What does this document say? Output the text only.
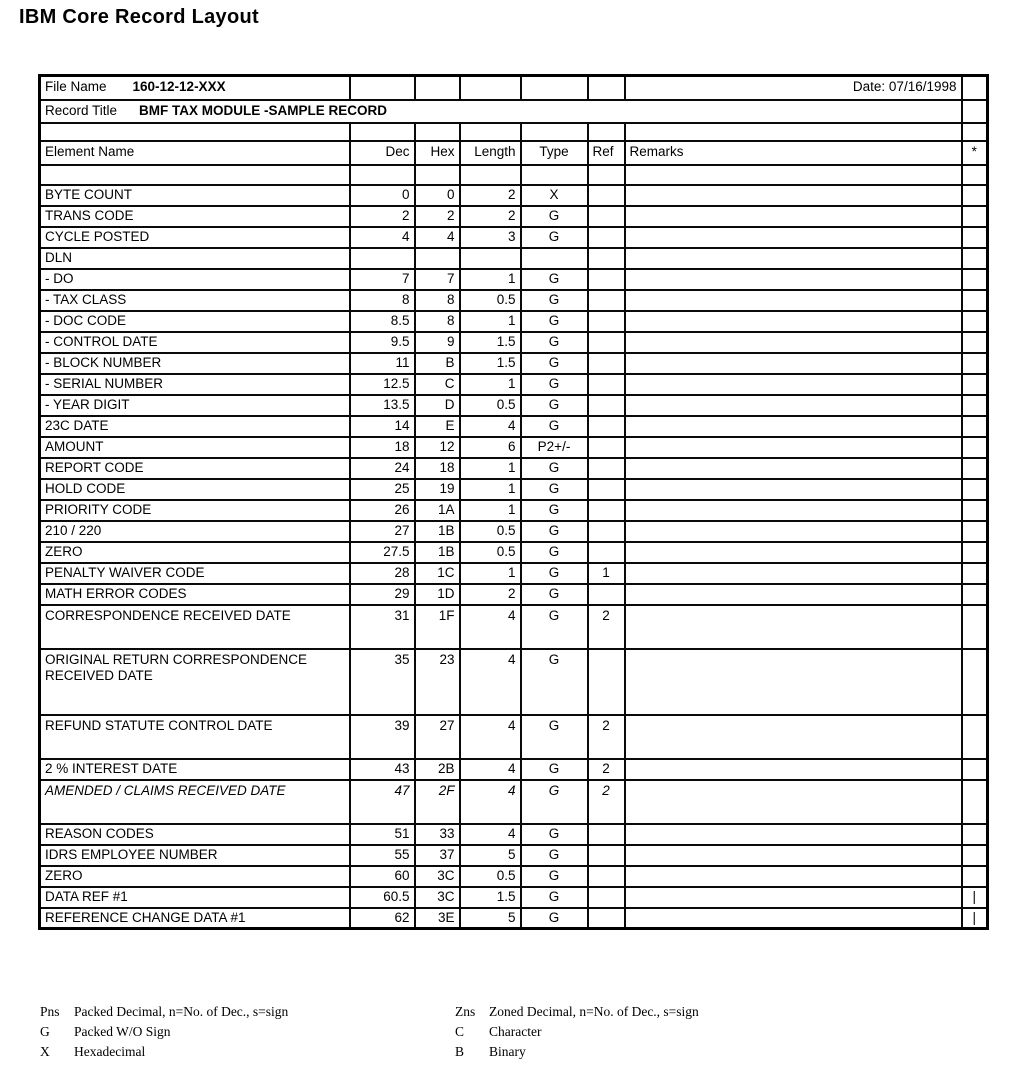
IBM Core Record Layout
File Name 160-12-12-XXX						Date: 07/16/1998	
Record Title BMF TAX MODULE -SAMPLE RECORD							

Element Name	Dec	Hex	Length	Type	Ref	Remarks	*

BYTE COUNT	0	0	2	X			
TRANS CODE	2	2	2	G			
CYCLE POSTED	4	4	3	G			
DLN							
- DO	7	7	1	G			
- TAX CLASS	8	8	0.5	G			
- DOC CODE	8.5	8	1	G			
- CONTROL DATE	9.5	9	1.5	G			
- BLOCK NUMBER	11	B	1.5	G			
- SERIAL NUMBER	12.5	C	1	G			
- YEAR DIGIT	13.5	D	0.5	G			
23C DATE	14	E	4	G			
AMOUNT	18	12	6	P2+/-			
REPORT CODE	24	18	1	G			
HOLD CODE	25	19	1	G			
PRIORITY CODE	26	1A	1	G			
210 / 220	27	1B	0.5	G			
ZERO	27.5	1B	0.5	G			
PENALTY WAIVER CODE	28	1C	1	G	1		
MATH ERROR CODES	29	1D	2	G			
CORRESPONDENCE RECEIVED DATE	31	1F	4	G	2		
ORIGINAL RETURN CORRESPONDENCE RECEIVED DATE	35	23	4	G			
REFUND STATUTE CONTROL DATE	39	27	4	G	2		
2 % INTEREST DATE	43	2B	4	G	2		
AMENDED / CLAIMS RECEIVED DATE	47	2F	4	G	2		
REASON CODES	51	33	4	G			
IDRS EMPLOYEE NUMBER	55	37	5	G			
ZERO	60	3C	0.5	G			
DATA REF #1	60.5	3C	1.5	G			|
REFERENCE CHANGE DATA #1	62	3E	5	G			|
Pns Packed Decimal, n=No. of Dec., s=sign
G Packed W/O Sign
X Hexadecimal
Zns Zoned Decimal, n=No. of Dec., s=sign
C Character
B Binary
